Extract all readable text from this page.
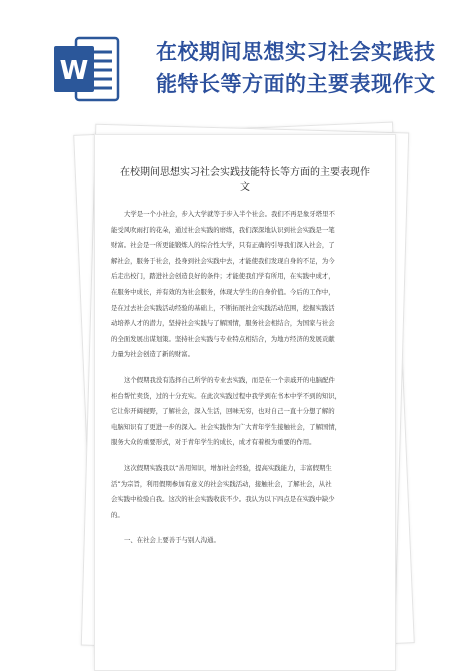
W
在校期间思想实习社会实践技
能特长等方面的主要表现作文
在校期间思想实习社会实践技能特长等方面的主要表现作
文
大学是一个小社会，步入大学就等于步入半个社会。我们不再是象牙塔里不
能受风吹雨打的花朵，通过社会实践的磨练，我们深深地认识到社会实践是一笔
财富。社会是一所更能锻炼人的综合性大学，只有正确的引导我们深入社会，了
解社会，服务于社会，投身到社会实践中去，才能使我们发现自身的不足，为今
后走出校门，踏进社会创造良好的条件；才能使我们学有所用，在实践中成才，
在服务中成长，并有效的为社会服务，体现大学生的自身价值。今后的工作中，
是在过去社会实践活动经验的基础上，不断拓展社会实践活动范围，挖掘实践活
动培养人才的潜力，坚持社会实践与了解国情，服务社会相结合，为国家与社会
的全面发展出谋划策。坚持社会实践与专业特点相结合，为地方经济的发展贡献
力量为社会创造了新的财富。
这个假期我没有选择自己所学的专业去实践，而是在一个亲戚开的电脑配件
柜台帮忙卖货，过的十分充实。在此次实践过程中我学到在书本中学不到的知识，
它让你开阔视野，了解社会，深入生活，回味无穷，也对自己一直十分想了解的
电脑知识有了更进一步的深入。社会实践作为广大青年学生接触社会，了解国情，
服务大众的重要形式，对于青年学生的成长，成才有着极为重要的作用。
这次假期实践我以“善用知识，增加社会经验，提高实践能力，丰富假期生
活”为宗旨，利用假期参加有意义的社会实践活动，接触社会，了解社会，从社
会实践中检验自我。这次的社会实践收获不少。我认为以下四点是在实践中缺少
的。
一、在社会上要善于与别人沟通。
